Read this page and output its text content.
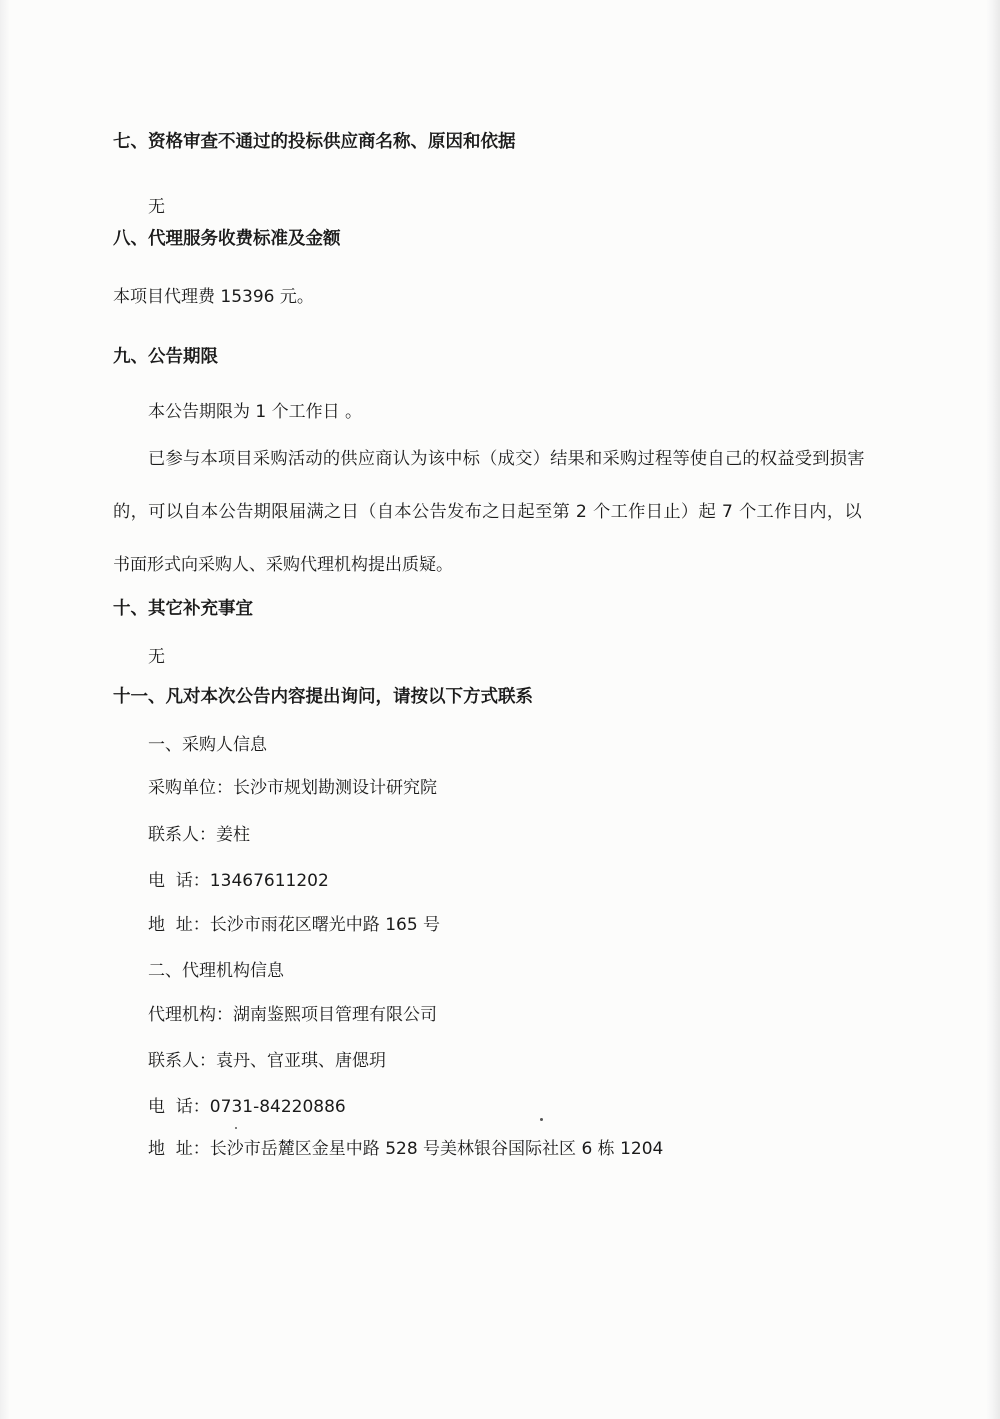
七、资格审查不通过的投标供应商名称、原因和依据
无
八、代理服务收费标准及金额
本项目代理费 15396 元。
九、公告期限
本公告期限为 1 个工作日 。
已参与本项目采购活动的供应商认为该中标（成交）结果和采购过程等使自己的权益受到损害
的，可以自本公告期限届满之日（自本公告发布之日起至第 2 个工作日止）起 7 个工作日内，以
书面形式向采购人、采购代理机构提出质疑。
十、其它补充事宜
无
十一、凡对本次公告内容提出询问，请按以下方式联系
一、采购人信息
采购单位：长沙市规划勘测设计研究院
联系人：姜柱
电  话：13467611202
地  址：长沙市雨花区曙光中路 165 号
二、代理机构信息
代理机构：湖南鉴熙项目管理有限公司
联系人：袁丹、官亚琪、唐偲玥
电  话：0731-84220886
地  址：长沙市岳麓区金星中路 528 号美林银谷国际社区 6 栋 1204
